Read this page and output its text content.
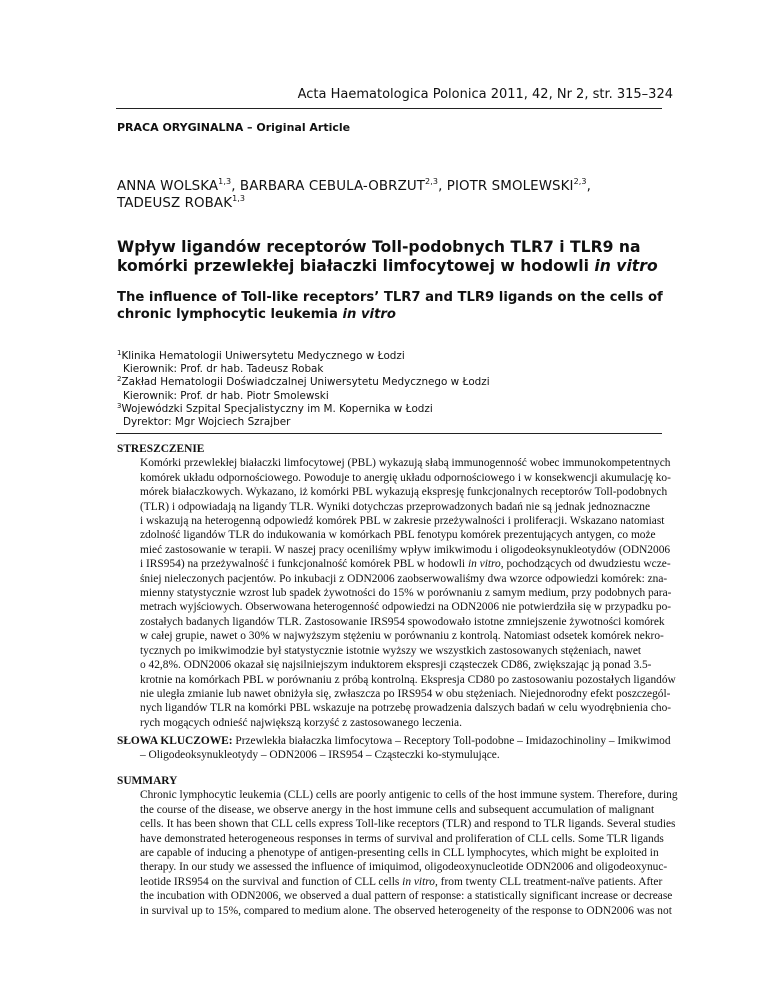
Acta Haematologica Polonica 2011, 42, Nr 2, str. 315–324
PRACA ORYGINALNA – Original Article
ANNA WOLSKA$^{1,3}$, BARBARA CEBULA-OBRZUT$^{2,3}$, PIOTR SMOLEWSKI$^{2,3}$,
TADEUSZ ROBAK$^{1,3}$
Wpływ ligandów receptorów Toll-podobnych TLR7 i TLR9 na komórki przewlekłej białaczki limfocytowej w hodowli in vitro
The influence of Toll-like receptors’ TLR7 and TLR9 ligands on the cells of chronic lymphocytic leukemia in vitro
$^1$Klinika Hematologii Uniwersytetu Medycznego w Łodzi
Kierownik: Prof. dr hab. Tadeusz Robak
$^2$Zakład Hematologii Doświadczalnej Uniwersytetu Medycznego w Łodzi
Kierownik: Prof. dr hab. Piotr Smolewski
$^3$Wojewódzki Szpital Specjalistyczny im M. Kopernika w Łodzi
Dyrektor: Mgr Wojciech Szrajber
STRESZCZENIE
Komórki przewlekłej białaczki limfocytowej (PBL) wykazują słabą immunogenność wobec immunokompetentnych
komórek układu odpornościowego. Powoduje to anergię układu odpornościowego i w konsekwencji akumulację ko-
mórek białaczkowych. Wykazano, iż komórki PBL wykazują ekspresję funkcjonalnych receptorów Toll-podobnych
(TLR) i odpowiadają na ligandy TLR. Wyniki dotychczas przeprowadzonych badań nie są jednak jednoznaczne
i wskazują na heterogenną odpowiedź komórek PBL w zakresie przeżywalności i proliferacji. Wskazano natomiast
zdolność ligandów TLR do indukowania w komórkach PBL fenotypu komórek prezentujących antygen, co może
mieć zastosowanie w terapii. W naszej pracy oceniliśmy wpływ imikwimodu i oligodeoksynukleotydów (ODN2006
i IRS954) na przeżywalność i funkcjonalność komórek PBL w hodowli in vitro, pochodzących od dwudziestu wcze-
śniej nieleczonych pacjentów. Po inkubacji z ODN2006 zaobserwowaliśmy dwa wzorce odpowiedzi komórek: zna-
mienny statystycznie wzrost lub spadek żywotności do 15% w porównaniu z samym medium, przy podobnych para-
metrach wyjściowych. Obserwowana heterogenność odpowiedzi na ODN2006 nie potwierdziła się w przypadku po-
zostałych badanych ligandów TLR. Zastosowanie IRS954 spowodowało istotne zmniejszenie żywotności komórek
w całej grupie, nawet o 30% w najwyższym stężeniu w porównaniu z kontrolą. Natomiast odsetek komórek nekro-
tycznych po imikwimodzie był statystycznie istotnie wyższy we wszystkich zastosowanych stężeniach, nawet
o 42,8%. ODN2006 okazał się najsilniejszym induktorem ekspresji cząsteczek CD86, zwiększając ją ponad 3.5-
krotnie na komórkach PBL w porównaniu z próbą kontrolną. Ekspresja CD80 po zastosowaniu pozostałych ligandów
nie uległa zmianie lub nawet obniżyła się, zwłaszcza po IRS954 w obu stężeniach. Niejednorodny efekt poszczegól-
nych ligandów TLR na komórki PBL wskazuje na potrzebę prowadzenia dalszych badań w celu wyodrębnienia cho-
rych mogących odnieść największą korzyść z zastosowanego leczenia.
SŁOWA KLUCZOWE: Przewlekła białaczka limfocytowa – Receptory Toll-podobne – Imidazochinoliny – Imikwimod
– Oligodeoksynukleotydy – ODN2006 – IRS954 – Cząsteczki ko-stymulujące.
SUMMARY
Chronic lymphocytic leukemia (CLL) cells are poorly antigenic to cells of the host immune system. Therefore, during
the course of the disease, we observe anergy in the host immune cells and subsequent accumulation of malignant
cells. It has been shown that CLL cells express Toll-like receptors (TLR) and respond to TLR ligands. Several studies
have demonstrated heterogeneous responses in terms of survival and proliferation of CLL cells. Some TLR ligands
are capable of inducing a phenotype of antigen-presenting cells in CLL lymphocytes, which might be exploited in
therapy. In our study we assessed the influence of imiquimod, oligodeoxynucleotide ODN2006 and oligodeoxynuc-
leotide IRS954 on the survival and function of CLL cells in vitro, from twenty CLL treatment-naïve patients. After
the incubation with ODN2006, we observed a dual pattern of response: a statistically significant increase or decrease
in survival up to 15%, compared to medium alone. The observed heterogeneity of the response to ODN2006 was not
